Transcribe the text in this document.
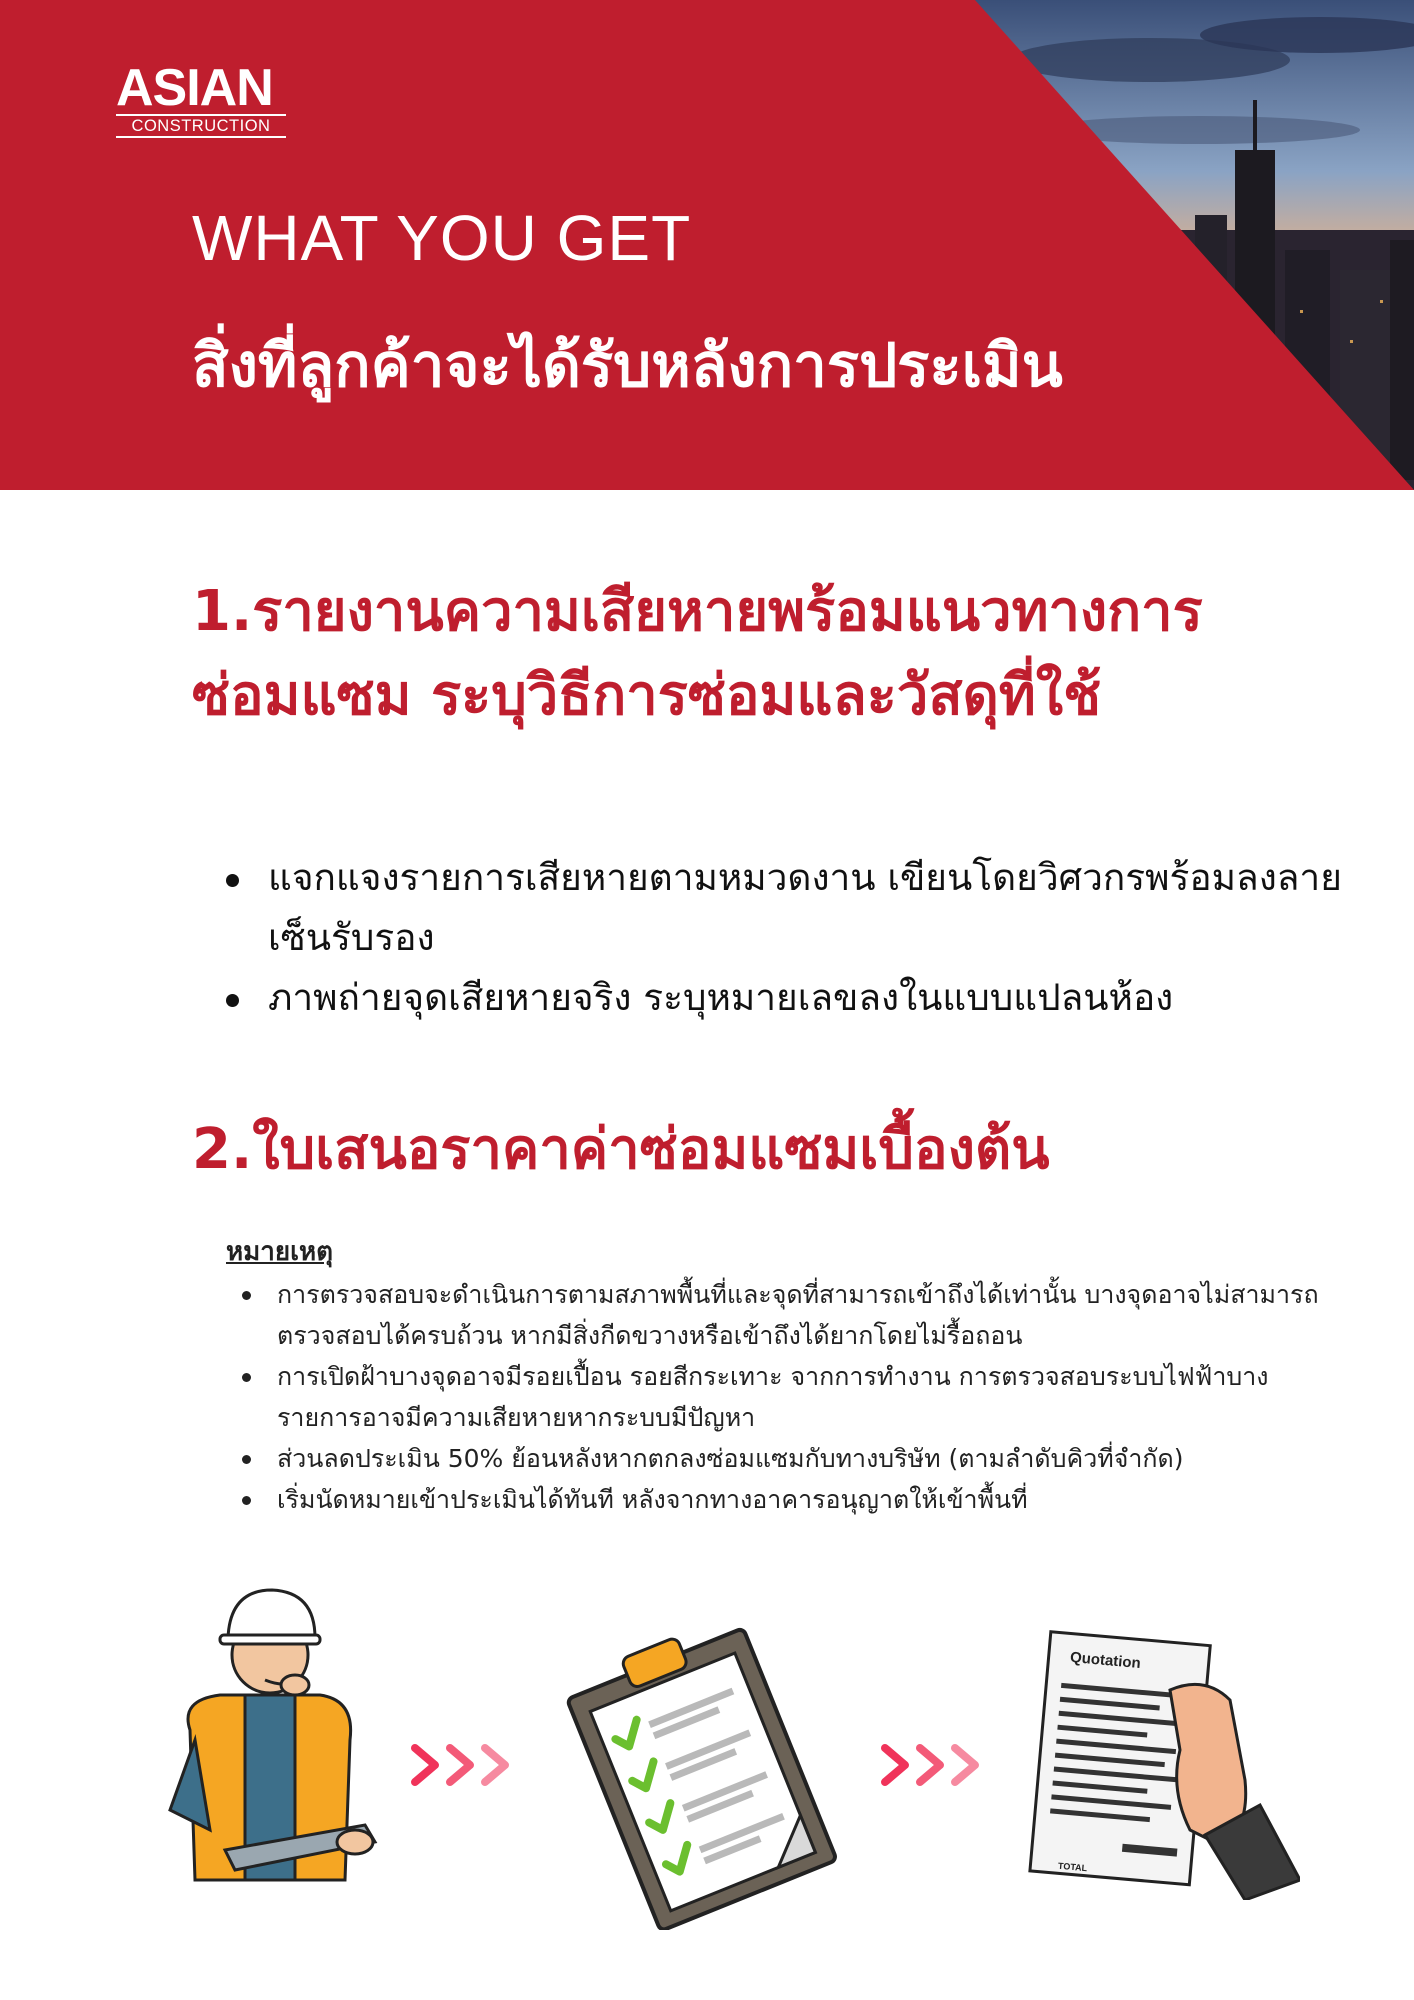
ASIAN
CONSTRUCTION
WHAT YOU GET
สิ่งที่ลูกค้าจะได้รับหลังการประเมิน
1.รายงานความเสียหายพร้อมแนวทางการซ่อมแซม ระบุวิธีการซ่อมและวัสดุที่ใช้
แจกแจงรายการเสียหายตามหมวดงาน เขียนโดยวิศวกรพร้อมลงลายเซ็นรับรอง
ภาพถ่ายจุดเสียหายจริง ระบุหมายเลขลงในแบบแปลนห้อง
2.ใบเสนอราคาค่าซ่อมแซมเบื้องต้น
หมายเหตุ
การตรวจสอบจะดำเนินการตามสภาพพื้นที่และจุดที่สามารถเข้าถึงได้เท่านั้น บางจุดอาจไม่สามารถตรวจสอบได้ครบถ้วน หากมีสิ่งกีดขวางหรือเข้าถึงได้ยากโดยไม่รื้อถอน
การเปิดฝ้าบางจุดอาจมีรอยเปื้อน รอยสีกระเทาะ จากการทำงาน การตรวจสอบระบบไฟฟ้าบางรายการอาจมีความเสียหายหากระบบมีปัญหา
ส่วนลดประเมิน 50% ย้อนหลังหากตกลงซ่อมแซมกับทางบริษัท (ตามลำดับคิวที่จำกัด)
เริ่มนัดหมายเข้าประเมินได้ทันที หลังจากทางอาคารอนุญาตให้เข้าพื้นที่
Quotation
TOTAL
